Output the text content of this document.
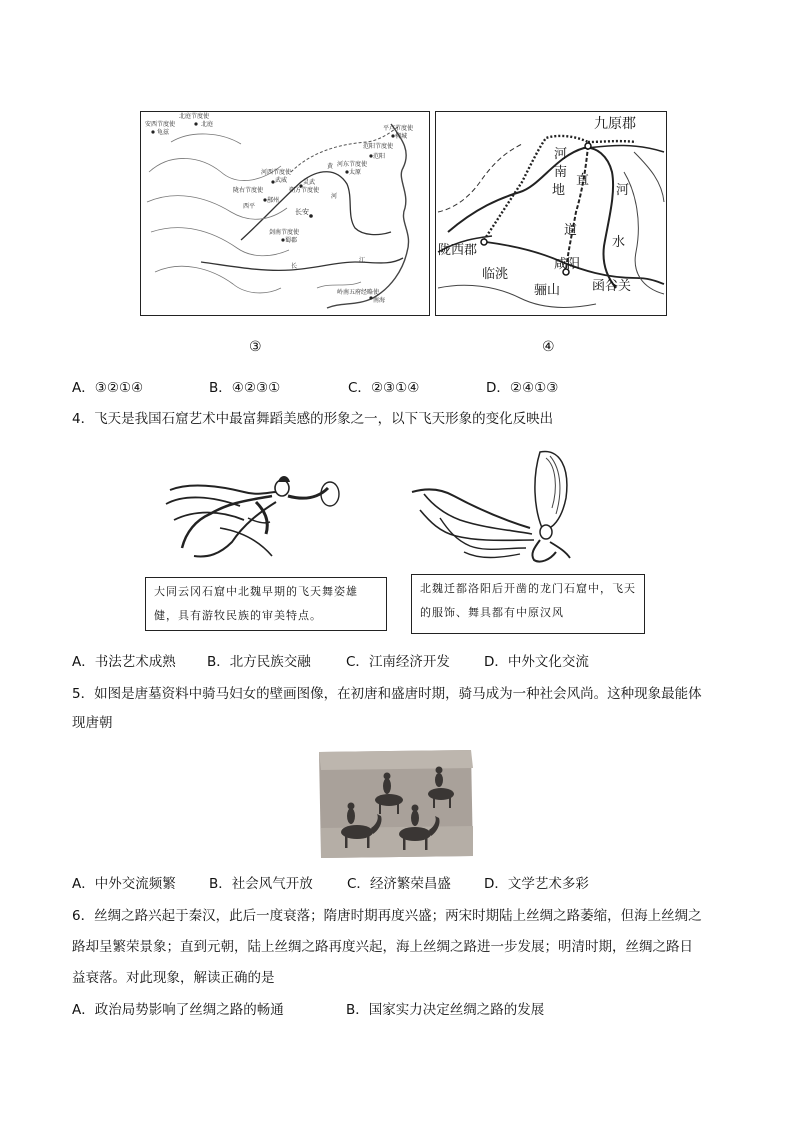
北庭节度使
北庭
安西节度使
龟兹
河西节度使
武威
陇右节度使
鄯州
西平
朔方节度使
灵武
河东节度使
太原
范阳节度使
范阳
平卢节度使
柳城
长安
剑南节度使
蜀郡
岭南五府经略使
南海
河
黄
江
长
九原郡
河
南
地
直
道
河
水
陇西郡
临洮
咸阳
骊山 函谷关
③	④
A．③②①④	B．④②③①	C．②③①④	D．②④①③
4．飞天是我国石窟艺术中最富舞蹈美感的形象之一，以下飞天形象的变化反映出
大同云冈石窟中北魏早期的飞天舞姿雄健，具有游牧民族的审美特点。
北魏迁都洛阳后开凿的龙门石窟中，飞天的服饰、舞具都有中原汉风
A．书法艺术成熟 B．北方民族交融	C．江南经济开发	D．中外文化交流
5．如图是唐墓资料中骑马妇女的壁画图像，在初唐和盛唐时期，骑马成为一种社会风尚。这种现象最能体
现唐朝
A．中外交流频繁 B．社会风气开放	C．经济繁荣昌盛 D．文学艺术多彩
6．丝绸之路兴起于秦汉，此后一度衰落；隋唐时期再度兴盛；两宋时期陆上丝绸之路萎缩，但海上丝绸之
路却呈繁荣景象；直到元朝，陆上丝绸之路再度兴起，海上丝绸之路进一步发展；明清时期，丝绸之路日
益衰落。对此现象，解读正确的是
A．政治局势影响了丝绸之路的畅通	B．国家实力决定丝绸之路的发展
